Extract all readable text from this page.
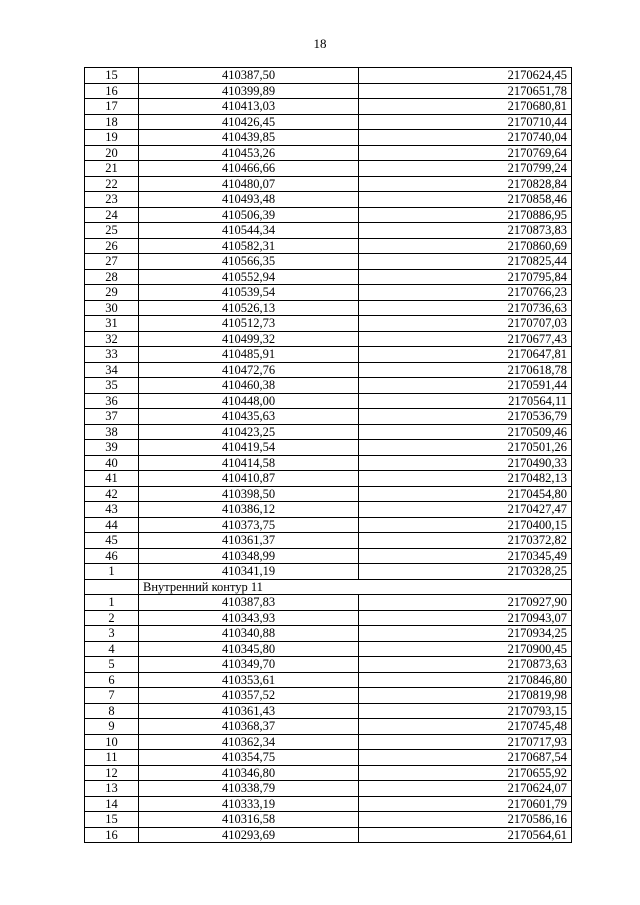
18
15	410387,50	2170624,45
16	410399,89	2170651,78
17	410413,03	2170680,81
18	410426,45	2170710,44
19	410439,85	2170740,04
20	410453,26	2170769,64
21	410466,66	2170799,24
22	410480,07	2170828,84
23	410493,48	2170858,46
24	410506,39	2170886,95
25	410544,34	2170873,83
26	410582,31	2170860,69
27	410566,35	2170825,44
28	410552,94	2170795,84
29	410539,54	2170766,23
30	410526,13	2170736,63
31	410512,73	2170707,03
32	410499,32	2170677,43
33	410485,91	2170647,81
34	410472,76	2170618,78
35	410460,38	2170591,44
36	410448,00	2170564,11
37	410435,63	2170536,79
38	410423,25	2170509,46
39	410419,54	2170501,26
40	410414,58	2170490,33
41	410410,87	2170482,13
42	410398,50	2170454,80
43	410386,12	2170427,47
44	410373,75	2170400,15
45	410361,37	2170372,82
46	410348,99	2170345,49
1	410341,19	2170328,25
	Внутренний контур 11	
1	410387,83	2170927,90
2	410343,93	2170943,07
3	410340,88	2170934,25
4	410345,80	2170900,45
5	410349,70	2170873,63
6	410353,61	2170846,80
7	410357,52	2170819,98
8	410361,43	2170793,15
9	410368,37	2170745,48
10	410362,34	2170717,93
11	410354,75	2170687,54
12	410346,80	2170655,92
13	410338,79	2170624,07
14	410333,19	2170601,79
15	410316,58	2170586,16
16	410293,69	2170564,61
